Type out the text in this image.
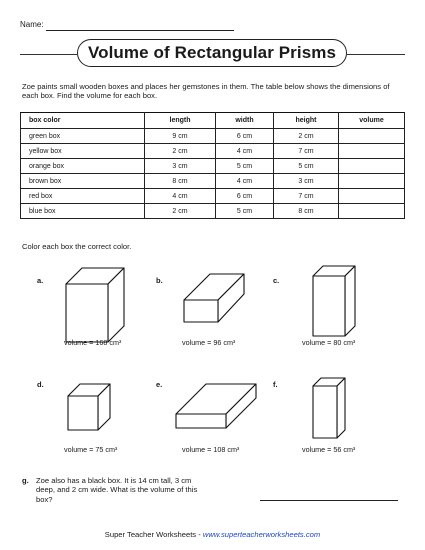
Name:
Volume of Rectangular Prisms
Zoe paints small wooden boxes and places her gemstones in them. The table below shows the dimensions of each box. Find the volume for each box.
box color	length	width	height	volume
green box	9 cm	6 cm	2 cm	
yellow box	2 cm	4 cm	7 cm	
orange box	3 cm	5 cm	5 cm	
brown box	8 cm	4 cm	3 cm	
red box	4 cm	6 cm	7 cm	
blue box	2 cm	5 cm	8 cm	
Color each box the correct color.
a.
volume = 168 cm³
b.
volume = 96 cm³
c.
volume = 80 cm³
d.
volume = 75 cm³
e.
volume = 108 cm³
f.
volume = 56 cm³
g. Zoe also has a black box. It is 14 cm tall, 3 cm deep, and 2 cm wide. What is the volume of this box?
Super Teacher Worksheets - www.superteacherworksheets.com
